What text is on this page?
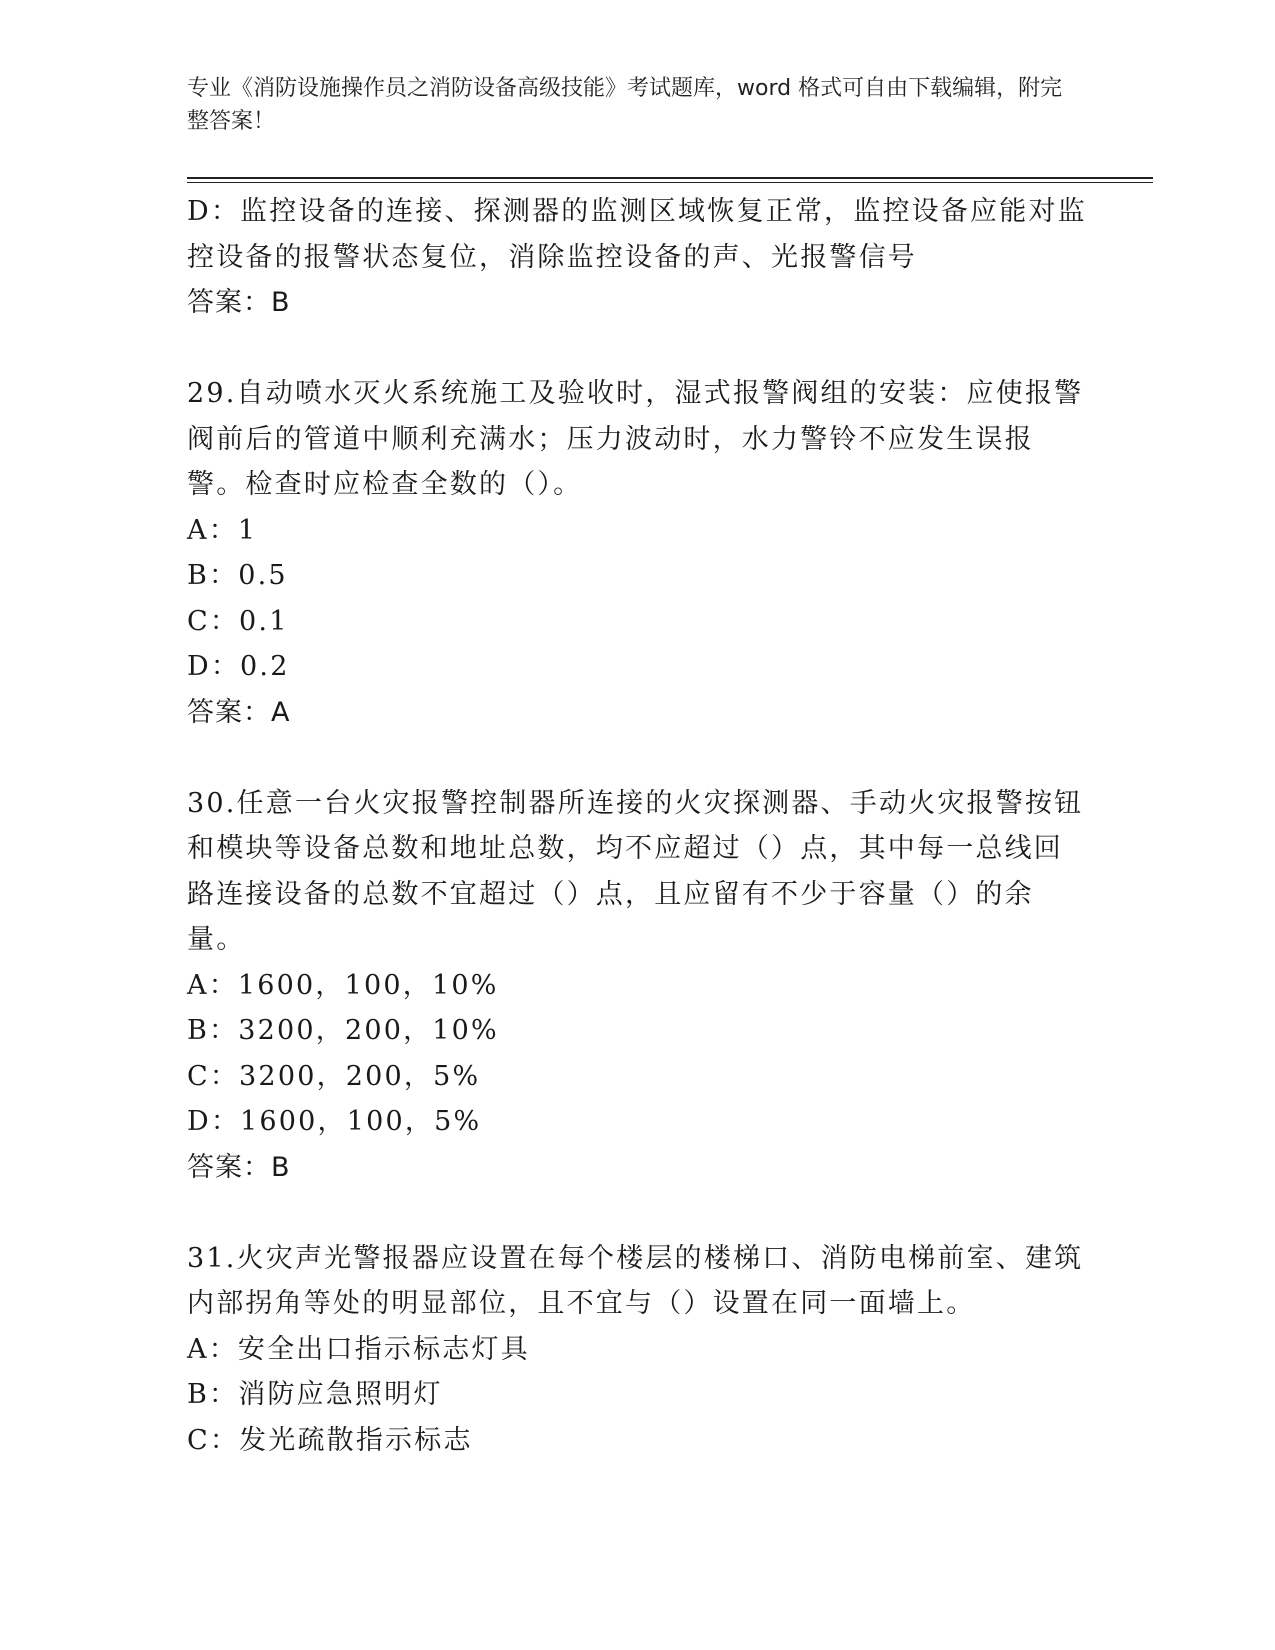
专业《消防设施操作员之消防设备高级技能》考试题库，word 格式可自由下载编辑，附完整答案！

D：监控设备的连接、探测器的监测区域恢复正常，监控设备应能对监控设备的报警状态复位，消除监控设备的声、光报警信号

答案：B

29.自动喷水灭火系统施工及验收时，湿式报警阀组的安装：应使报警阀前后的管道中顺利充满水；压力波动时，水力警铃不应发生误报警。检查时应检查全数的（）。

A：1

B：0.5

C：0.1

D：0.2

答案：A

30.任意一台火灾报警控制器所连接的火灾探测器、手动火灾报警按钮和模块等设备总数和地址总数，均不应超过（）点，其中每一总线回路连接设备的总数不宜超过（）点，且应留有不少于容量（）的余量。

A：1600，100，10%

B：3200，200，10%

C：3200，200，5%

D：1600，100，5%

答案：B

31.火灾声光警报器应设置在每个楼层的楼梯口、消防电梯前室、建筑内部拐角等处的明显部位，且不宜与（）设置在同一面墙上。

A：安全出口指示标志灯具

B：消防应急照明灯

C：发光疏散指示标志
